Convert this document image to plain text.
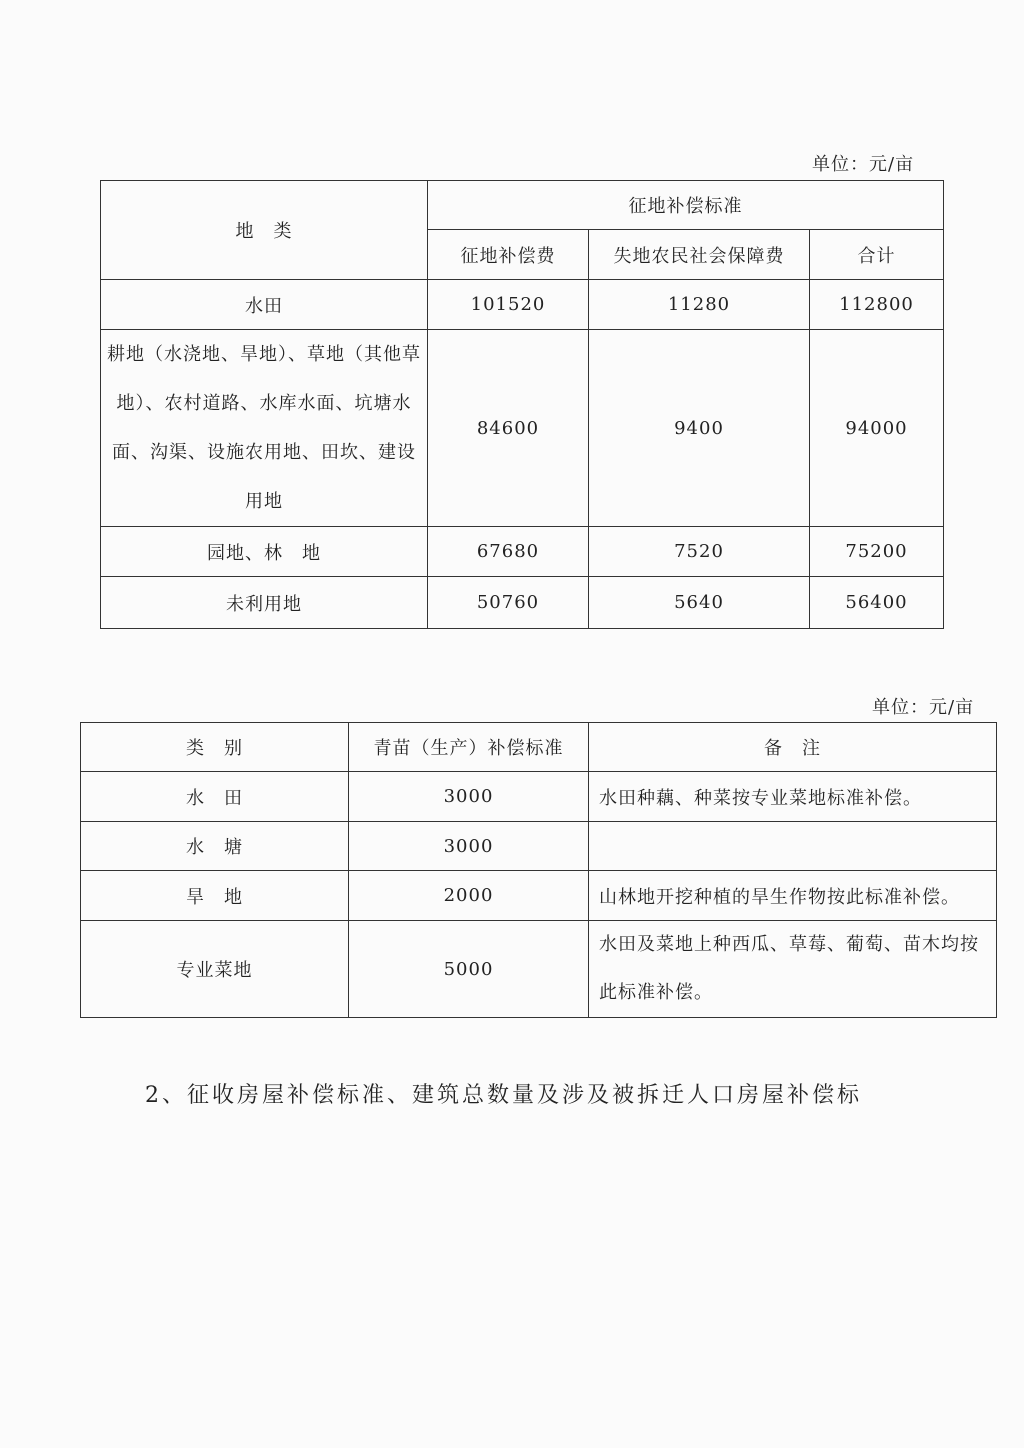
单位：元/亩
地　类	征地补偿标准		
	征地补偿费	失地农民社会保障费	合计
水田	101520	11280	112800
耕地（水浇地、旱地）、草地（其他草地）、农村道路、水库水面、坑塘水面、沟渠、设施农用地、田坎、建设用地	84600	9400	94000
园地、林　地	67680	7520	75200
未利用地	50760	5640	56400
单位：元/亩
类　别	青苗（生产）补偿标准	备　注
水　田	3000	水田种藕、种菜按专业菜地标准补偿。
水　塘	3000	
旱　地	2000	山林地开挖种植的旱生作物按此标准补偿。
专业菜地	5000	水田及菜地上种西瓜、草莓、葡萄、苗木均按此标准补偿。
2、征收房屋补偿标准、建筑总数量及涉及被拆迁人口房屋补偿标
